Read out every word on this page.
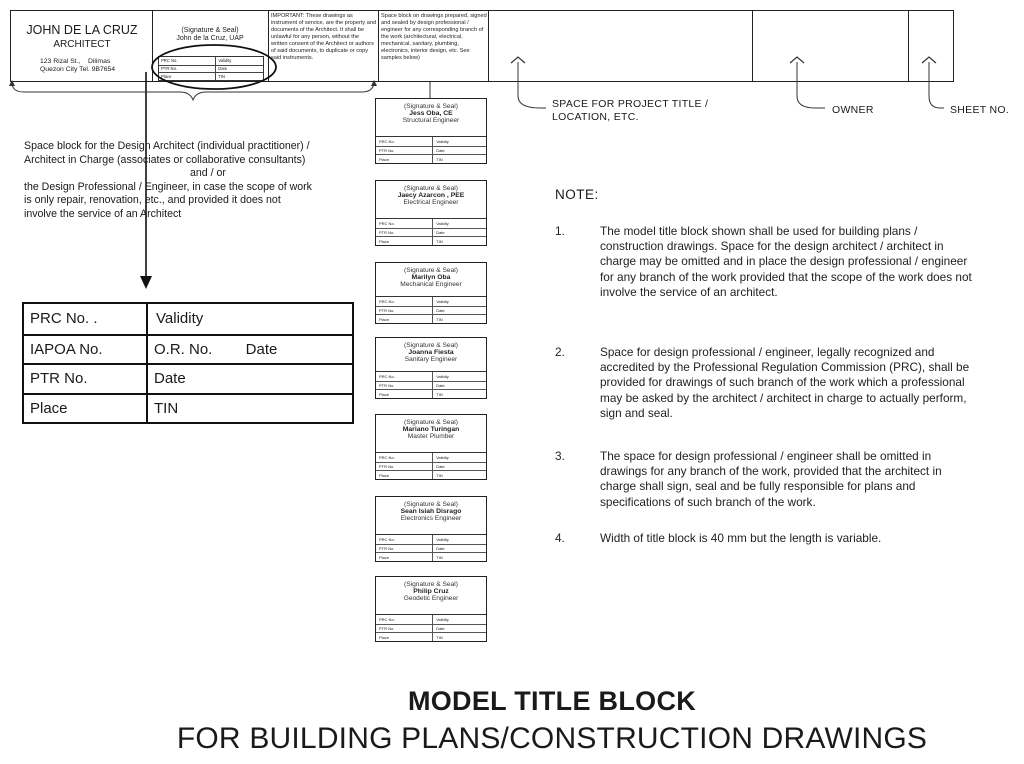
JOHN DE LA CRUZ
ARCHITECT
123 Rizal St.,    Dilimas
Quezon City Tel. 9B7654
(Signature & Seal)
John de la Cruz, UAP
PRC No.	Validity
PTR No.	Date
Place	TIN
IMPORTANT: These drawings as instrument of service, are the property and documents of the Architect. It shall be unlawful for any person, without the written consent of the Architect or authors of said documents, to duplicate or copy said instruments.
Space block on drawings prepared, signed and sealed by design professional / engineer for any corresponding branch of the work (architectural, electrical, mechanical, sanitary, plumbing, electronics, interior design, etc. See samples below)
SPACE FOR PROJECT TITLE / LOCATION, ETC.
OWNER	SHEET NO.
Space block for the Design Architect (individual practitioner) /
Architect in Charge (associates or collaborative consultants)
and / or
the Design Professional / Engineer, in case the scope of work
is only repair, renovation, etc., and provided it does not
involve the service of an Architect
PRC No. .	Validity
IAPOA No.	O.R. No.        Date
PTR No.	Date
Place	TIN
(Signature & Seal)
Jess Oba, CE
Structural Engineer
PRC No.	Validity
PTR No.	Date
Place	TIN
(Signature & Seal)
Jaecy Azarcon , PEE
Electrical Engineer
PRC No.	Validity
PTR No.	Date
Place	TIN
(Signature & Seal)
Marilyn Oba
Mechanical Engineer
PRC No.	Validity
PTR No.	Date
Place	TIN
(Signature & Seal)
Joanna Fiesta
Sanitary Engineer
PRC No.	Validity
PTR No.	Date
Place	TIN
(Signature & Seal)
Mariano Turingan
Master Plumber
PRC No.	Validity
PTR No.	Date
Place	TIN
(Signature & Seal)
Sean Isiah Disrago
Electronics Engineer
PRC No.	Validity
PTR No.	Date
Place	TIN
(Signature & Seal)
Philip Cruz
Geodetic Engineer
PRC No.	Validity
PTR No.	Date
Place	TIN
NOTE:
1.	The model title block shown shall be used for building plans / construction drawings. Space for the design architect / architect in charge may be omitted and in place the design professional / engineer for any branch of the work provided that the scope of the work does not involve the service of an architect.
2.	Space for design professional / engineer, legally recognized and accredited by the Professional Regulation Commission (PRC), shall be provided for drawings of such branch of the work which a professional may be asked by the architect / architect in charge to actually perform, sign and seal.
3.	The space for design professional / engineer shall be omitted in drawings for any branch of the work, provided that the architect in charge shall sign, seal and be fully responsible for plans and specifications of such branch of the work.
4.	Width of title block is 40 mm but the length is variable.
MODEL TITLE BLOCK
FOR BUILDING PLANS/CONSTRUCTION DRAWINGS
